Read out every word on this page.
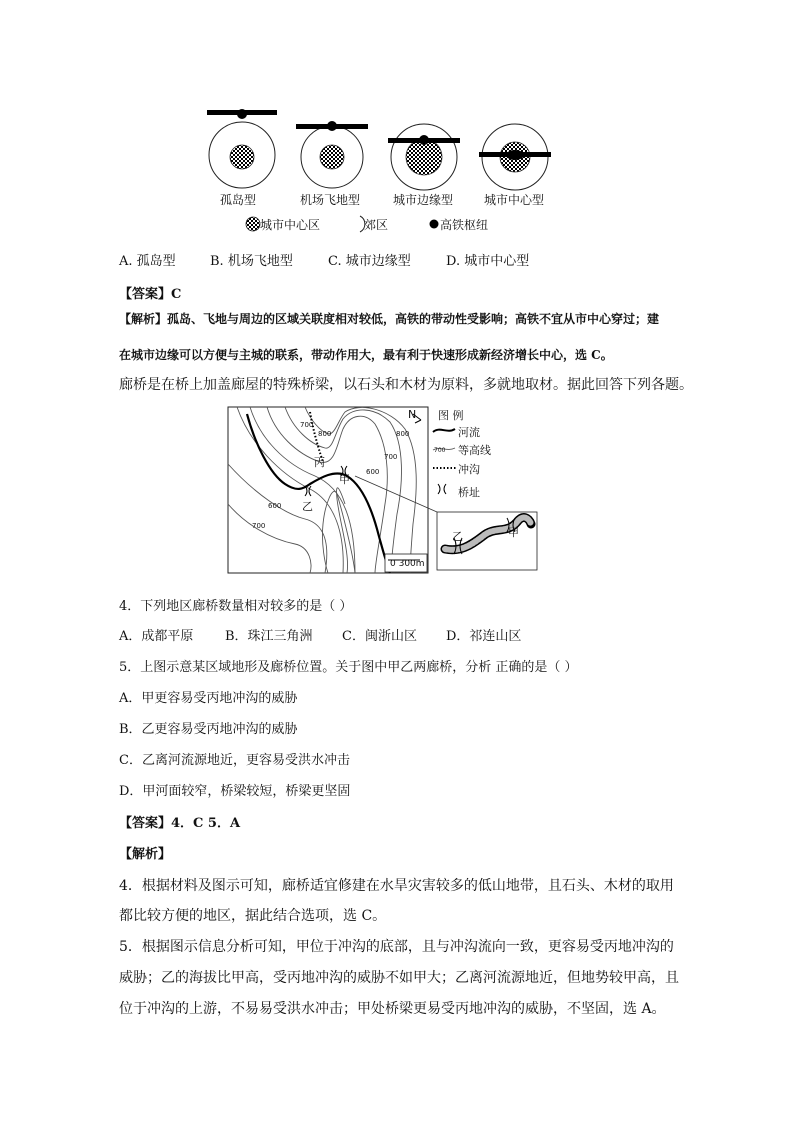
孤岛型	机场飞地型	城市边缘型	城市中心型
城市中心区	郊区	高铁枢纽
A. 孤岛型	B. 机场飞地型	C. 城市边缘型	D. 城市中心型
【答案】C
【解析】孤岛、飞地与周边的区域关联度相对较低，高铁的带动性受影响；高铁不宜从市中心穿过；建
在城市边缘可以方便与主城的联系，带动作用大，最有利于快速形成新经济增长中心，选 C。
廊桥是在桥上加盖廊屋的特殊桥梁，以石头和木材为原料，多就地取材。据此回答下列各题。
N 图 例
河流
700 等高线
冲沟
桥址
丙
甲
乙
甲
乙
800
700
600
600
700
700
800
0 300m
4．下列地区廊桥数量相对较多的是（ ）
A．成都平原 B．珠江三角洲 C．闽浙山区 D．祁连山区
5．上图示意某区域地形及廊桥位置。关于图中甲乙两廊桥，分析 正确的是（ ）
A．甲更容易受丙地冲沟的威胁
B．乙更容易受丙地冲沟的威胁
C．乙离河流源地近，更容易受洪水冲击
D．甲河面较窄，桥梁较短，桥梁更坚固
【答案】4．C 5．A
【解析】
4．根据材料及图示可知，廊桥适宜修建在水旱灾害较多的低山地带，且石头、木材的取用
都比较方便的地区，据此结合选项，选 C。
5．根据图示信息分析可知，甲位于冲沟的底部，且与冲沟流向一致，更容易受丙地冲沟的
威胁；乙的海拔比甲高，受丙地冲沟的威胁不如甲大；乙离河流源地近，但地势较甲高，且
位于冲沟的上游，不易易受洪水冲击；甲处桥梁更易受丙地冲沟的威胁，不坚固，选 A。
